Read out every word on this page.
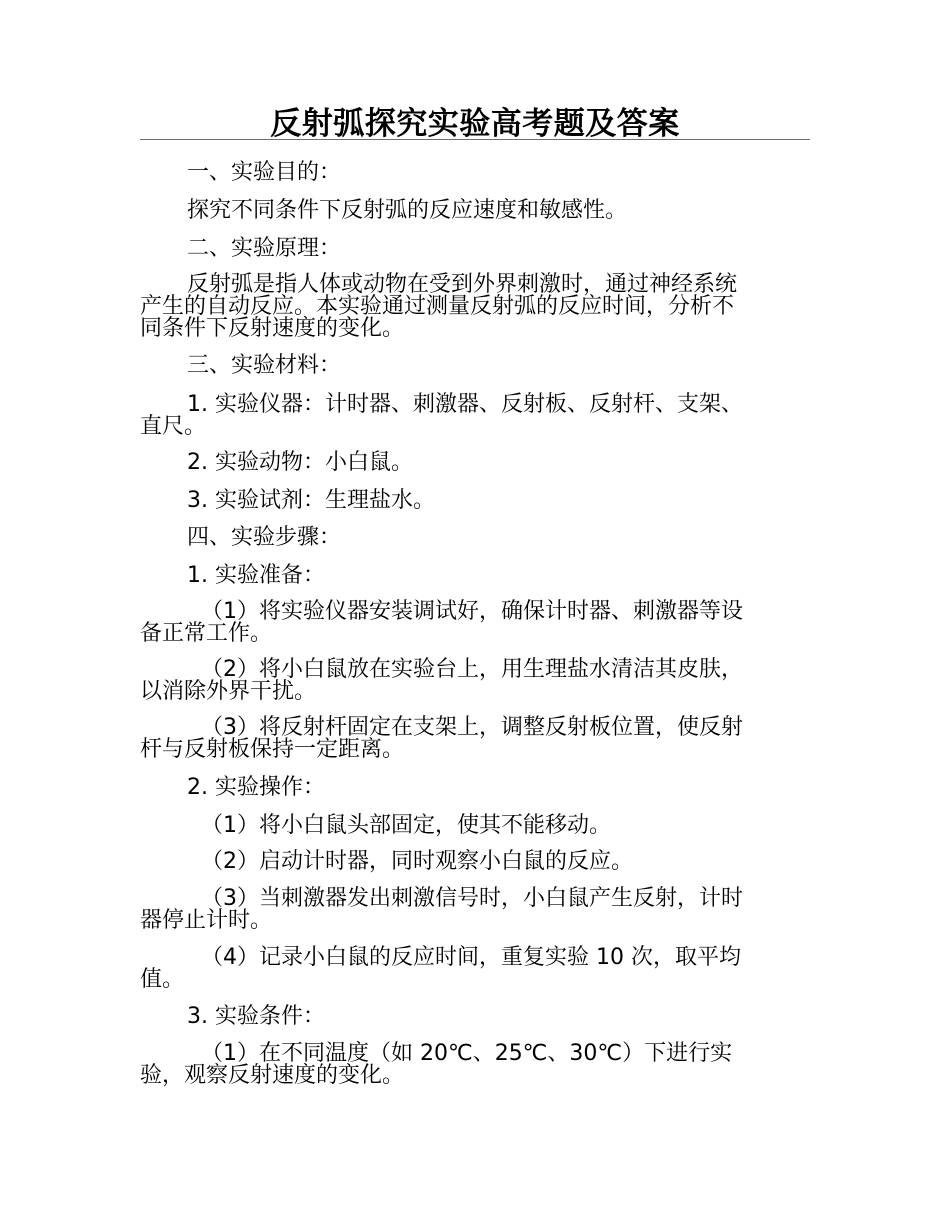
反射弧探究实验高考题及答案
一、实验目的：
探究不同条件下反射弧的反应速度和敏感性。
二、实验原理：
反射弧是指人体或动物在受到外界刺激时，通过神经系统
产生的自动反应。本实验通过测量反射弧的反应时间，分析不
同条件下反射速度的变化。
三、实验材料：
1. 实验仪器：计时器、刺激器、反射板、反射杆、支架、
直尺。
2. 实验动物：小白鼠。
3. 实验试剂：生理盐水。
四、实验步骤：
1. 实验准备：
（1）将实验仪器安装调试好，确保计时器、刺激器等设
备正常工作。
（2）将小白鼠放在实验台上，用生理盐水清洁其皮肤，
以消除外界干扰。
（3）将反射杆固定在支架上，调整反射板位置，使反射
杆与反射板保持一定距离。
2. 实验操作：
（1）将小白鼠头部固定，使其不能移动。
（2）启动计时器，同时观察小白鼠的反应。
（3）当刺激器发出刺激信号时，小白鼠产生反射，计时
器停止计时。
（4）记录小白鼠的反应时间，重复实验 10 次，取平均
值。
3. 实验条件：
（1）在不同温度（如 20℃、25℃、30℃）下进行实
验，观察反射速度的变化。
